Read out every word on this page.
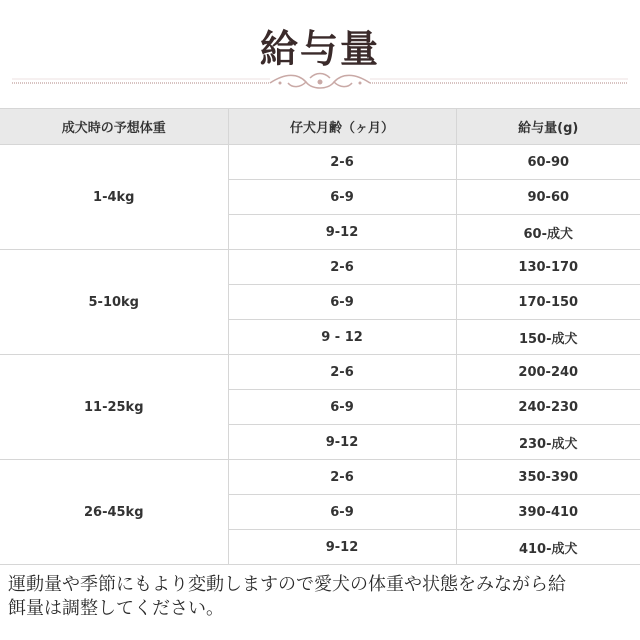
給与量
成犬時の予想体重	仔犬月齢（ヶ月）	給与量(g)
1-4kg	2-6	60-90
	6-9	90-60
	9-12	60-成犬
5-10kg	2-6	130-170
	6-9	170-150
	9 - 12	150-成犬
11-25kg	2-6	200-240
	6-9	240-230
	9-12	230-成犬
26-45kg	2-6	350-390
	6-9	390-410
	9-12	410-成犬
運動量や季節にもより変動しますので愛犬の体重や状態をみながら給
餌量は調整してください。
